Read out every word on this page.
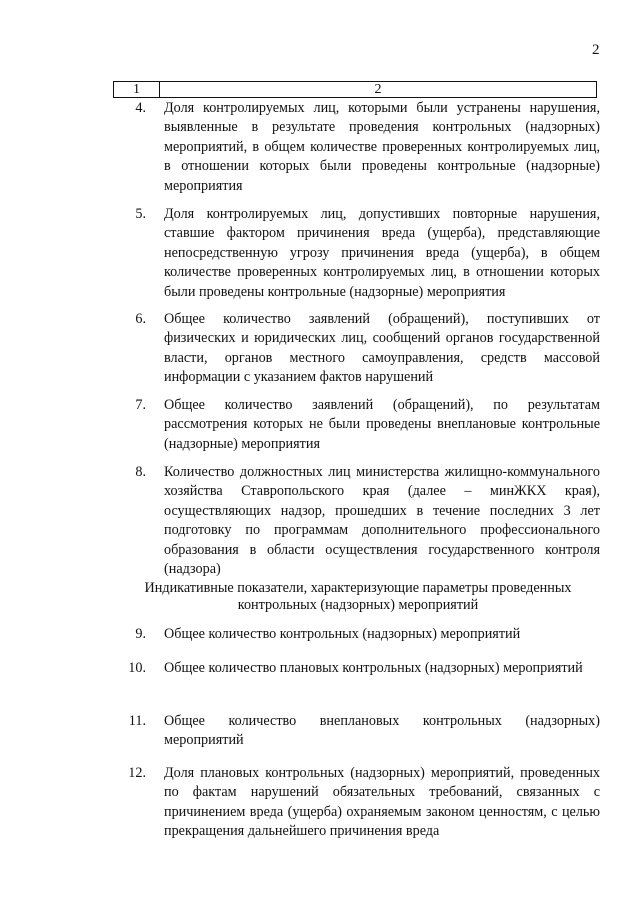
2
1	2
4. Доля контролируемых лиц, которыми были устранены нарушения, выявленные в результате проведения контрольных (надзорных) мероприятий, в общем количестве проверенных контролируемых лиц, в отношении которых были проведены контрольные (надзорные) мероприятия
5. Доля контролируемых лиц, допустивших повторные нарушения, ставшие фактором причинения вреда (ущерба), представляющие непосредственную угрозу причинения вреда (ущерба), в общем количестве проверенных контролируемых лиц, в отношении которых были проведены контрольные (надзорные) мероприятия
6. Общее количество заявлений (обращений), поступивших от физических и юридических лиц, сообщений органов государственной власти, органов местного самоуправления, средств массовой информации с указанием фактов нарушений
7. Общее количество заявлений (обращений), по результатам рассмотрения которых не были проведены внеплановые контрольные (надзорные) мероприятия
8. Количество должностных лиц министерства жилищно-коммунального хозяйства Ставропольского края (далее – минЖКХ края), осуществляющих надзор, прошедших в течение последних 3 лет подготовку по программам дополнительного профессионального образования в области осуществления государственного контроля (надзора)
Индикативные показатели, характеризующие параметры проведенных
контрольных (надзорных) мероприятий
9. Общее количество контрольных (надзорных) мероприятий
10. Общее количество плановых контрольных (надзорных) мероприятий
11. Общее количество внеплановых контрольных (надзорных) мероприятий
12. Доля плановых контрольных (надзорных) мероприятий, проведенных по фактам нарушений обязательных требований, связанных с причинением вреда (ущерба) охраняемым законом ценностям, с целью прекращения дальнейшего причинения вреда
